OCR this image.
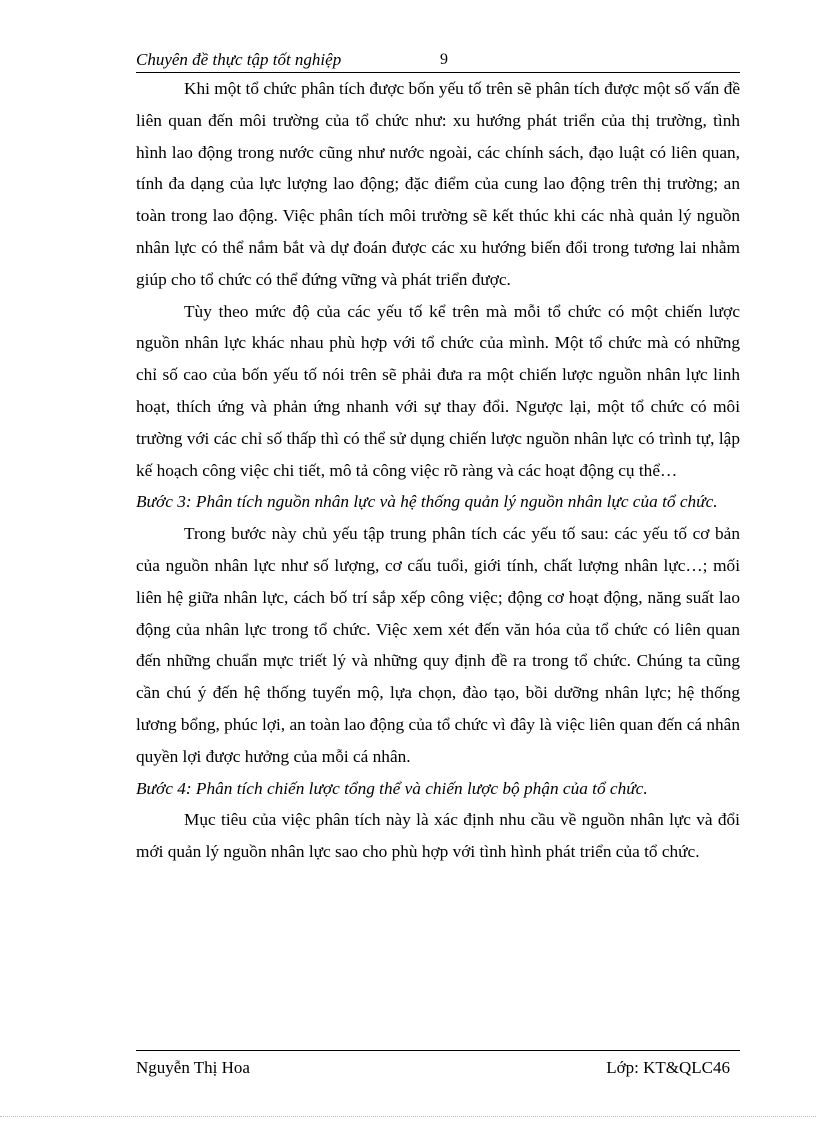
Chuyên đề thực tập tốt nghiệp	9

Khi một tổ chức phân tích được bốn yếu tố trên sẽ phân tích được một số vấn đề liên quan đến môi trường của tổ chức như: xu hướng phát triển của thị trường, tình hình lao động trong nước cũng như nước ngoài, các chính sách, đạo luật có liên quan, tính đa dạng của lực lượng lao động; đặc điểm của cung lao động trên thị trường; an toàn trong lao động. Việc phân tích môi trường sẽ kết thúc khi các nhà quản lý nguồn nhân lực có thể nắm bắt và dự đoán được các xu hướng biến đổi trong tương lai nhằm giúp cho tổ chức có thể đứng vững và phát triển được.

Tùy theo mức độ của các yếu tố kể trên mà mỗi tổ chức có một chiến lược nguồn nhân lực khác nhau phù hợp với tổ chức của mình. Một tổ chức mà có những chỉ số cao của bốn yếu tố nói trên sẽ phải đưa ra một chiến lược nguồn nhân lực linh hoạt, thích ứng và phản ứng nhanh với sự thay đổi. Ngược lại, một tổ chức có môi trường với các chỉ số thấp thì có thể sử dụng chiến lược nguồn nhân lực có trình tự, lập kế hoạch công việc chi tiết, mô tả công việc rõ ràng và các hoạt động cụ thể…

Bước 3: Phân tích nguồn nhân lực và hệ thống quản lý nguồn nhân lực của tổ chức.

Trong bước này chủ yếu tập trung phân tích các yếu tố sau: các yếu tố cơ bản của nguồn nhân lực như số lượng, cơ cấu tuổi, giới tính, chất lượng nhân lực…; mối liên hệ giữa nhân lực, cách bố trí sắp xếp công việc; động cơ hoạt động, năng suất lao động của nhân lực trong tổ chức. Việc xem xét đến văn hóa của tổ chức có liên quan đến những chuẩn mực triết lý và những quy định đề ra trong tổ chức. Chúng ta cũng cần chú ý đến hệ thống tuyển mộ, lựa chọn, đào tạo, bồi dưỡng nhân lực; hệ thống lương bổng, phúc lợi, an toàn lao động của tổ chức vì đây là việc liên quan đến cá nhân quyền lợi được hưởng của mỗi cá nhân.

Bước 4: Phân tích chiến lược tổng thể và chiến lược bộ phận của tổ chức.

Mục tiêu của việc phân tích này là xác định nhu cầu về nguồn nhân lực và đổi mới quản lý nguồn nhân lực sao cho phù hợp với tình hình phát triển của tổ chức.

Nguyễn Thị Hoa	Lớp: KT&QLC46
